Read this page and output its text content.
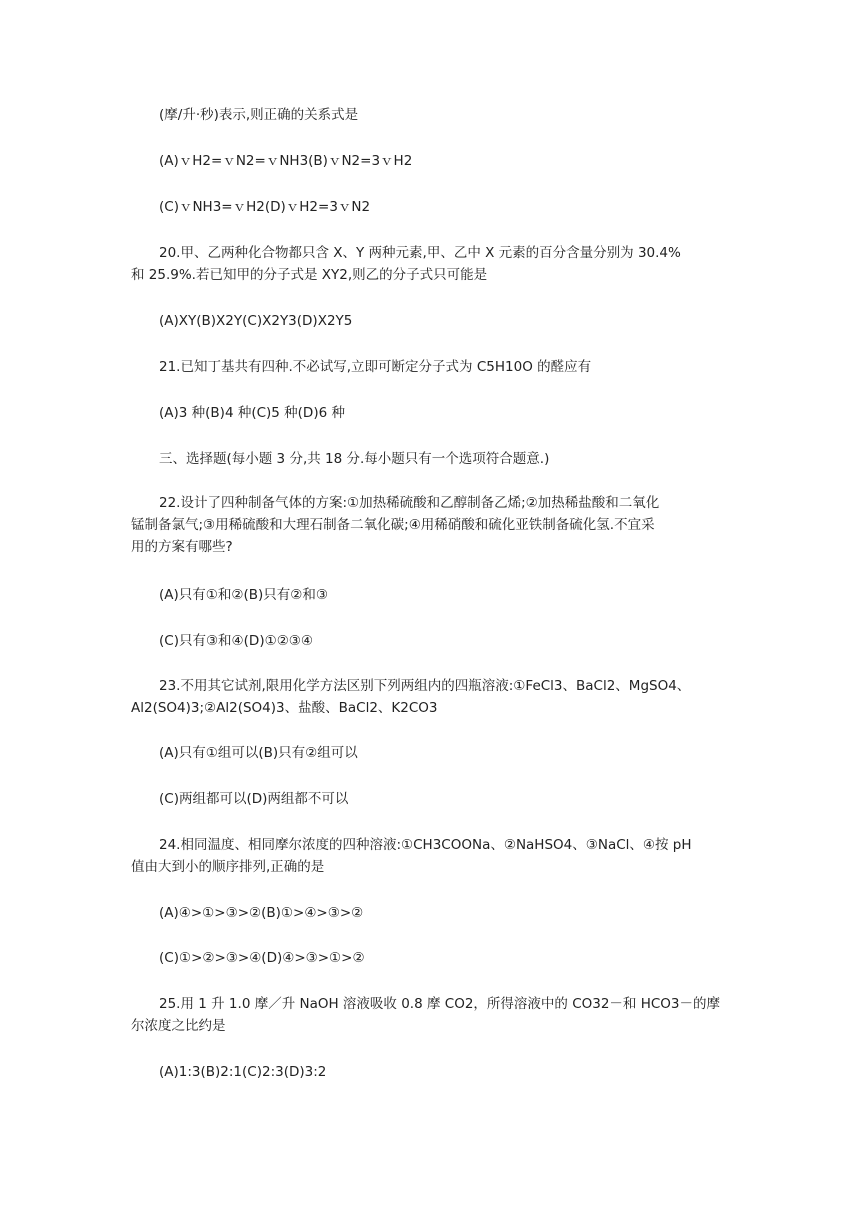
(摩/升·秒)表示,则正确的关系式是
(A)ｖH2=ｖN2=ｖNH3(B)ｖN2=3ｖH2
(C)ｖNH3=ｖH2(D)ｖH2=3ｖN2
20.甲、乙两种化合物都只含 X、Y 两种元素,甲、乙中 X 元素的百分含量分别为 30.4%
和 25.9%.若已知甲的分子式是 XY2,则乙的分子式只可能是
(A)XY(B)X2Y(C)X2Y3(D)X2Y5
21.已知丁基共有四种.不必试写,立即可断定分子式为 C5H10O 的醛应有
(A)3 种(B)4 种(C)5 种(D)6 种
三、选择题(每小题 3 分,共 18 分.每小题只有一个选项符合题意.)
22.设计了四种制备气体的方案:①加热稀硫酸和乙醇制备乙烯;②加热稀盐酸和二氧化
锰制备氯气;③用稀硫酸和大理石制备二氧化碳;④用稀硝酸和硫化亚铁制备硫化氢.不宜采
用的方案有哪些?
(A)只有①和②(B)只有②和③
(C)只有③和④(D)①②③④
23.不用其它试剂,限用化学方法区别下列两组内的四瓶溶液:①FeCl3、BaCl2、MgSO4、
Al2(SO4)3;②Al2(SO4)3、盐酸、BaCl2、K2CO3
(A)只有①组可以(B)只有②组可以
(C)两组都可以(D)两组都不可以
24.相同温度、相同摩尔浓度的四种溶液:①CH3COONa、②NaHSO4、③NaCl、④按 pH
值由大到小的顺序排列,正确的是
(A)④>①>③>②(B)①>④>③>②
(C)①>②>③>④(D)④>③>①>②
25.用 1 升 1.0 摩／升 NaOH 溶液吸收 0.8 摩 CO2，所得溶液中的 CO32－和 HCO3－的摩
尔浓度之比约是
(A)1:3(B)2:1(C)2:3(D)3:2
